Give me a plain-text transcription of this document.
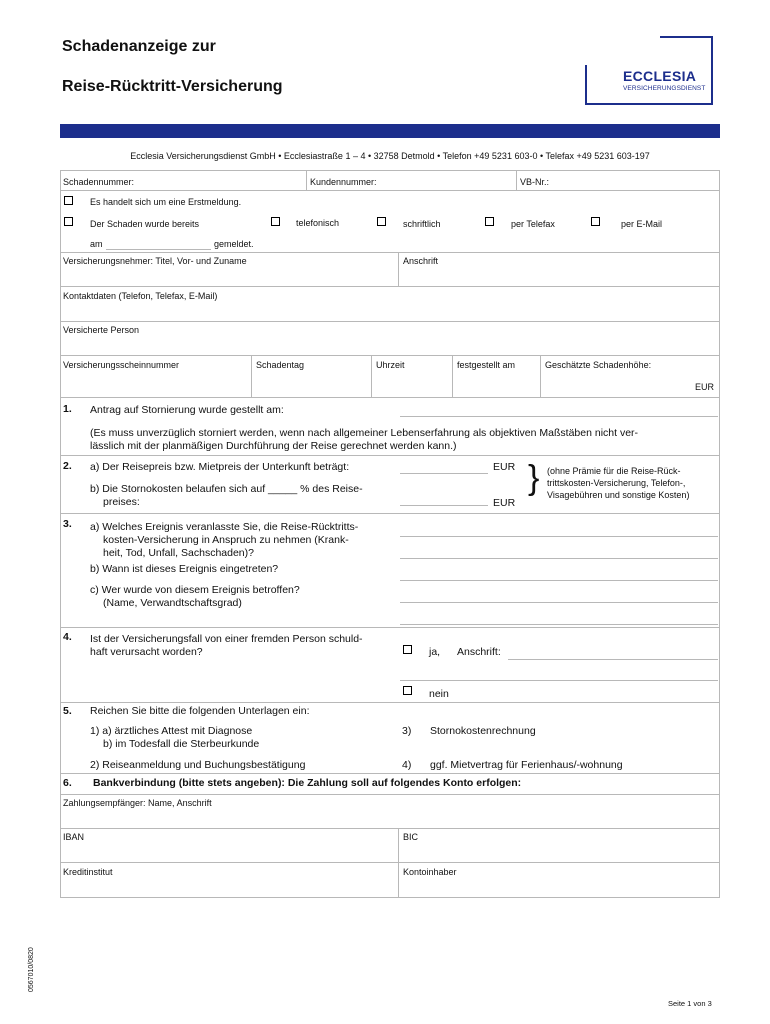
Schadenanzeige zur
Reise-Rücktritt-Versicherung
ECCLESIA
VERSICHERUNGSDIENST
Ecclesia Versicherungsdienst GmbH • Ecclesiastraße 1 – 4 • 32758 Detmold • Telefon +49 5231 603-0 • Telefax +49 5231 603-197
Schadennummer:	Kundennummer:	VB-Nr.:
Es handelt sich um eine Erstmeldung.
Der Schaden wurde bereits	telefonisch	schriftlich	per Telefax	per E-Mail
am	gemeldet.
Versicherungsnehmer: Titel, Vor- und Zuname	Anschrift
Kontaktdaten (Telefon, Telefax, E-Mail)
Versicherte Person
Versicherungsscheinnummer	Schadentag	Uhrzeit	festgestellt am	Geschätzte Schadenhöhe:
EUR
1. Antrag auf Stornierung wurde gestellt am:
(Es muss unverzüglich storniert werden, wenn nach allgemeiner Lebenserfahrung als objektiven Maßstäben nicht ver-
lässlich mit der planmäßigen Durchführung der Reise gerechnet werden kann.)
2. a) Der Reisepreis bzw. Mietpreis der Unterkunft beträgt:	EUR
b) Die Stornokosten belaufen sich auf _____ % des Reise-
preises:	EUR
} (ohne Prämie für die Reise-Rück-
trittskosten-Versicherung, Telefon-,
Visagebühren und sonstige Kosten)
3. a) Welches Ereignis veranlasste Sie, die Reise-Rücktritts-
kosten-Versicherung in Anspruch zu nehmen (Krank-
heit, Tod, Unfall, Sachschaden)?
b) Wann ist dieses Ereignis eingetreten?
c) Wer wurde von diesem Ereignis betroffen?
(Name, Verwandtschaftsgrad)
4. Ist der Versicherungsfall von einer fremden Person schuld-
haft verursacht worden?	ja, Anschrift:
nein
5. Reichen Sie bitte die folgenden Unterlagen ein:
1) a) ärztliches Attest mit Diagnose
b) im Todesfall die Sterbeurkunde
3) Stornokostenrechnung
2) Reiseanmeldung und Buchungsbestätigung	4) ggf. Mietvertrag für Ferienhaus/-wohnung
6. Bankverbindung (bitte stets angeben): Die Zahlung soll auf folgendes Konto erfolgen:
Zahlungsempfänger: Name, Anschrift
IBAN	BIC
Kreditinstitut	Kontoinhaber
0567010/0820
Seite 1 von 3
